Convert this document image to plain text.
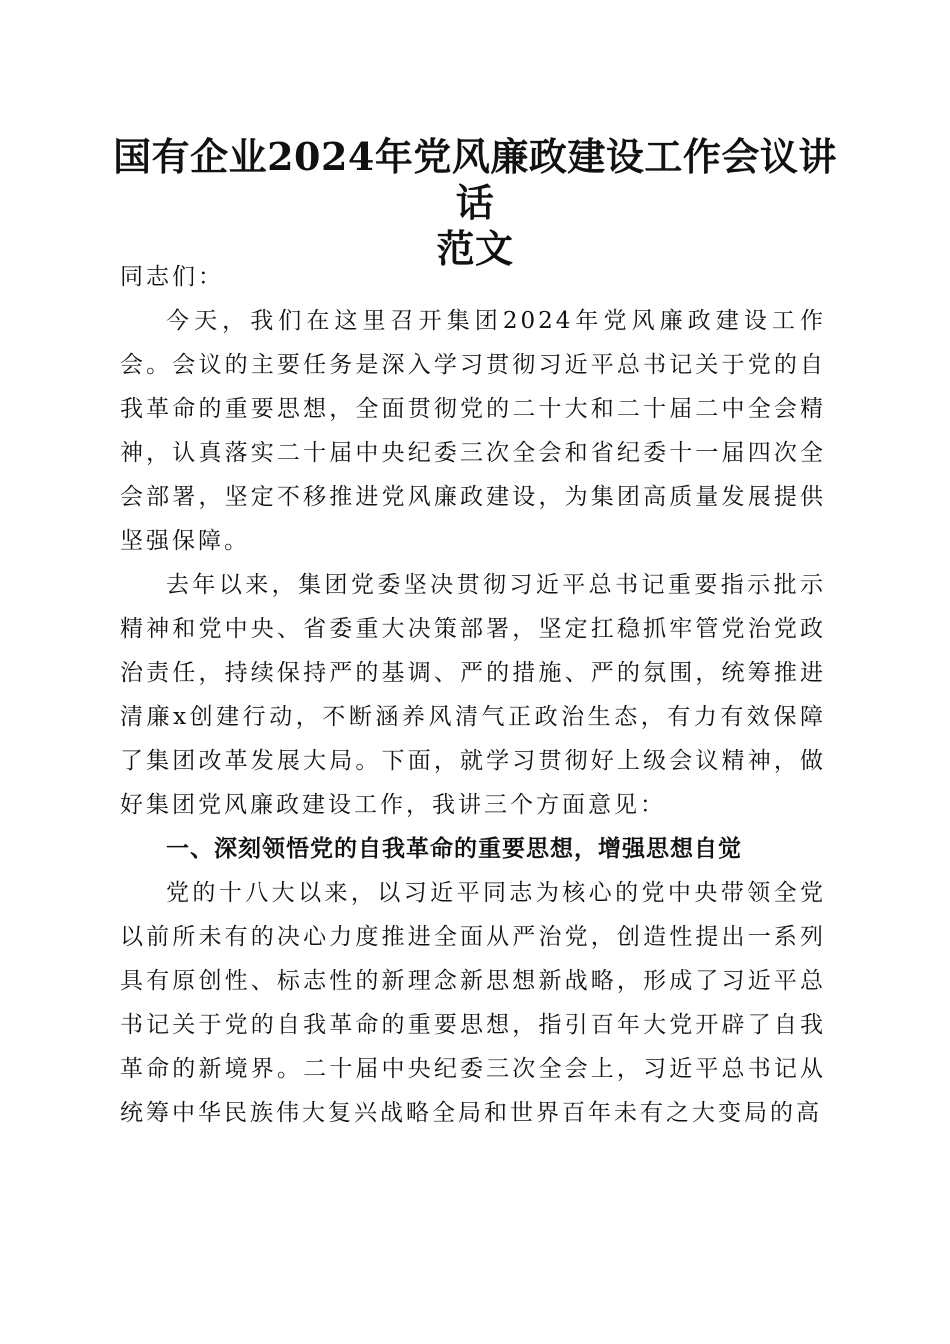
国有企业2024年党风廉政建设工作会议讲话
范文

同志们：

今天，我们在这里召开集团2024年党风廉政建设工作会。会议的主要任务是深入学习贯彻习近平总书记关于党的自我革命的重要思想，全面贯彻党的二十大和二十届二中全会精神，认真落实二十届中央纪委三次全会和省纪委十一届四次全会部署，坚定不移推进党风廉政建设，为集团高质量发展提供坚强保障。

去年以来，集团党委坚决贯彻习近平总书记重要指示批示精神和党中央、省委重大决策部署，坚定扛稳抓牢管党治党政治责任，持续保持严的基调、严的措施、严的氛围，统筹推进清廉x创建行动，不断涵养风清气正政治生态，有力有效保障了集团改革发展大局。下面，就学习贯彻好上级会议精神，做好集团党风廉政建设工作，我讲三个方面意见：

一、深刻领悟党的自我革命的重要思想，增强思想自觉

党的十八大以来，以习近平同志为核心的党中央带领全党以前所未有的决心力度推进全面从严治党，创造性提出一系列具有原创性、标志性的新理念新思想新战略，形成了习近平总书记关于党的自我革命的重要思想，指引百年大党开辟了自我革命的新境界。二十届中央纪委三次全会上，习近平总书记从统筹中华民族伟大复兴战略全局和世界百年未有之大变局的高
